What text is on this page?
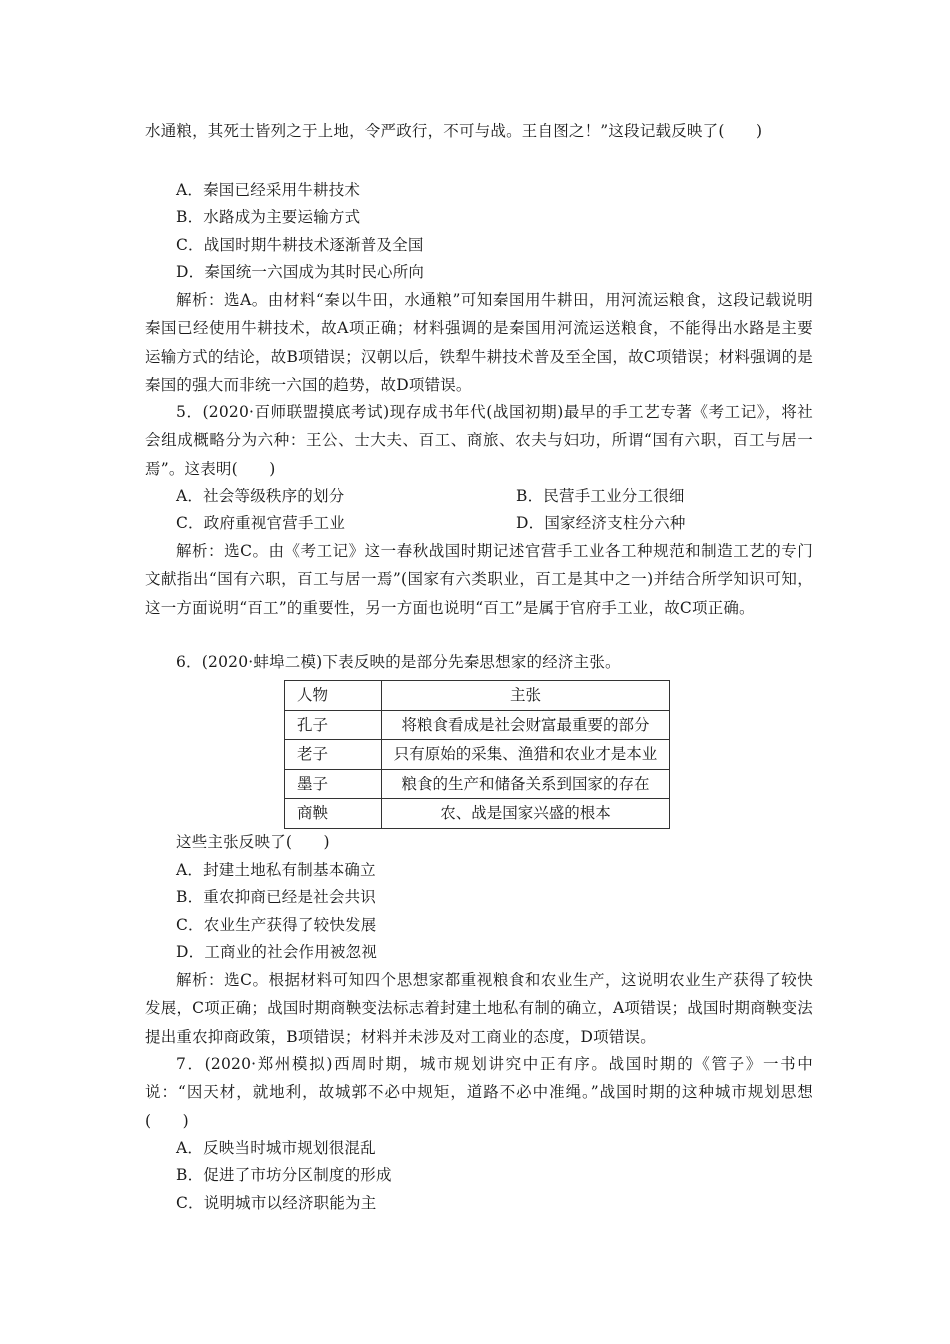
水通粮，其死士皆列之于上地，令严政行，不可与战。王自图之！”这段记载反映了(　　)

A．秦国已经采用牛耕技术
B．水路成为主要运输方式
C．战国时期牛耕技术逐渐普及全国
D．秦国统一六国成为其时民心所向

解析：选A。由材料“秦以牛田，水通粮”可知秦国用牛耕田，用河流运粮食，这段记载说明秦国已经使用牛耕技术，故A项正确；材料强调的是秦国用河流运送粮食，不能得出水路是主要运输方式的结论，故B项错误；汉朝以后，铁犁牛耕技术普及至全国，故C项错误；材料强调的是秦国的强大而非统一六国的趋势，故D项错误。

5．(2020·百师联盟摸底考试)现存成书年代(战国初期)最早的手工艺专著《考工记》，将社会组成概略分为六种：王公、士大夫、百工、商旅、农夫与妇功，所谓“国有六职，百工与居一焉”。这表明(　　)

A．社会等级秩序的划分	B．民营手工业分工很细
C．政府重视官营手工业	D．国家经济支柱分六种

解析：选C。由《考工记》这一春秋战国时期记述官营手工业各工种规范和制造工艺的专门文献指出“国有六职，百工与居一焉”(国家有六类职业，百工是其中之一)并结合所学知识可知，这一方面说明“百工”的重要性，另一方面也说明“百工”是属于官府手工业，故C项正确。

6．(2020·蚌埠二模)下表反映的是部分先秦思想家的经济主张。
人物	主张
孔子	将粮食看成是社会财富最重要的部分
老子	只有原始的采集、渔猎和农业才是本业
墨子	粮食的生产和储备关系到国家的存在
商鞅	农、战是国家兴盛的根本
这些主张反映了(　　)
A．封建土地私有制基本确立
B．重农抑商已经是社会共识
C．农业生产获得了较快发展
D．工商业的社会作用被忽视

解析：选C。根据材料可知四个思想家都重视粮食和农业生产，这说明农业生产获得了较快发展，C项正确；战国时期商鞅变法标志着封建土地私有制的确立，A项错误；战国时期商鞅变法提出重农抑商政策，B项错误；材料并未涉及对工商业的态度，D项错误。

7．(2020·郑州模拟)西周时期，城市规划讲究中正有序。战国时期的《管子》一书中说：“因天材，就地利，故城郭不必中规矩，道路不必中准绳。”战国时期的这种城市规划思想(　　)

A．反映当时城市规划很混乱
B．促进了市坊分区制度的形成
C．说明城市以经济职能为主
